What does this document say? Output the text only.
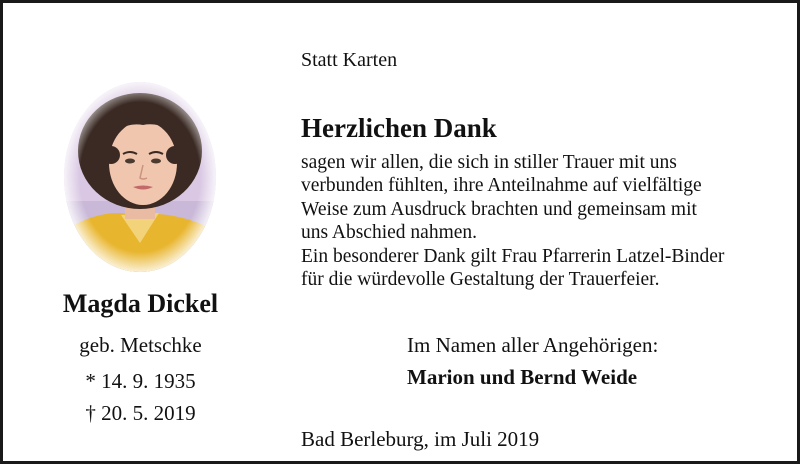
Magda Dickel
geb. Metschke
* 14. 9. 1935
† 20. 5. 2019
Statt Karten
Herzlichen Dank
sagen wir allen, die sich in stiller Trauer mit uns
verbunden fühlten, ihre Anteilnahme auf vielfältige
Weise zum Ausdruck brachten und gemeinsam mit
uns Abschied nahmen.
Ein besonderer Dank gilt Frau Pfarrerin Latzel-Binder
für die würdevolle Gestaltung der Trauerfeier.
Im Namen aller Angehörigen:
Marion und Bernd Weide
Bad Berleburg, im Juli 2019
